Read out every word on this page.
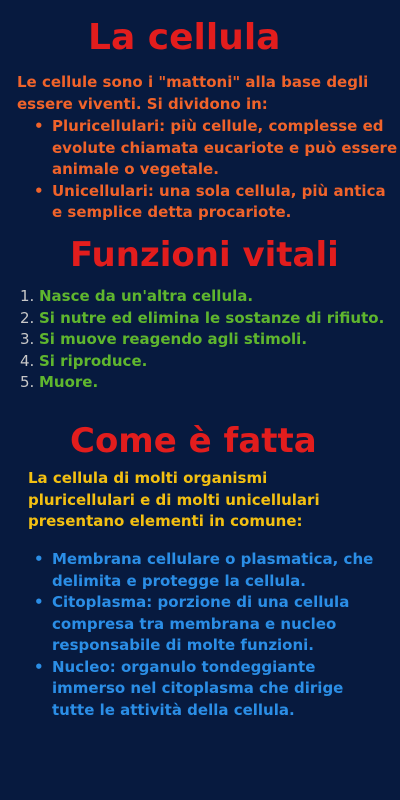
La cellula

Le cellule sono i "mattoni" alla base degli essere viventi. Si dividono in:

• Pluricellulari: più cellule, complesse ed evolute chiamata eucariote e può essere animale o vegetale.
• Unicellulari: una sola cellula, più antica e semplice detta procariote.
Funzioni vitali
1. Nasce da un'altra cellula.
2. Si nutre ed elimina le sostanze di rifiuto.
3. Si muove reagendo agli stimoli.
4. Si riproduce.
5. Muore.
Come è fatta

La cellula di molti organismi pluricellulari e di molti unicellulari presentano elementi in comune:

• Membrana cellulare o plasmatica, che delimita e protegge la cellula.
• Citoplasma: porzione di una cellula compresa tra membrana e nucleo responsabile di molte funzioni.
• Nucleo: organulo tondeggiante immerso nel citoplasma che dirige tutte le attività della cellula.
